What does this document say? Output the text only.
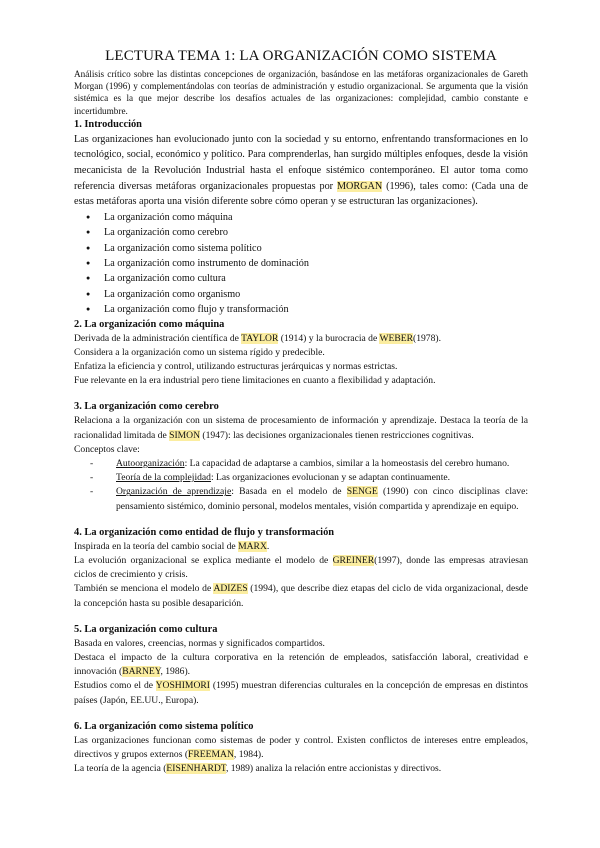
LECTURA TEMA 1: LA ORGANIZACIÓN COMO SISTEMA

Análisis crítico sobre las distintas concepciones de organización, basándose en las metáforas organizacionales de Gareth Morgan (1996) y complementándolas con teorías de administración y estudio organizacional. Se argumenta que la visión sistémica es la que mejor describe los desafíos actuales de las organizaciones: complejidad, cambio constante e incertidumbre.

1. Introducción

Las organizaciones han evolucionado junto con la sociedad y su entorno, enfrentando transformaciones en lo tecnológico, social, económico y político. Para comprenderlas, han surgido múltiples enfoques, desde la visión mecanicista de la Revolución Industrial hasta el enfoque sistémico contemporáneo. El autor toma como referencia diversas metáforas organizacionales propuestas por MORGAN (1996), tales como: (Cada una de estas metáforas aporta una visión diferente sobre cómo operan y se estructuran las organizaciones).

● La organización como máquina
● La organización como cerebro
● La organización como sistema político
● La organización como instrumento de dominación
● La organización como cultura
● La organización como organismo
● La organización como flujo y transformación
2. La organización como máquina

Derivada de la administración científica de TAYLOR (1914) y la burocracia de WEBER(1978).

Considera a la organización como un sistema rígido y predecible.

Enfatiza la eficiencia y control, utilizando estructuras jerárquicas y normas estrictas.

Fue relevante en la era industrial pero tiene limitaciones en cuanto a flexibilidad y adaptación.

3. La organización como cerebro

Relaciona a la organización con un sistema de procesamiento de información y aprendizaje. Destaca la teoría de la racionalidad limitada de SIMON (1947): las decisiones organizacionales tienen restricciones cognitivas.

Conceptos clave:

- Autoorganización: La capacidad de adaptarse a cambios, similar a la homeostasis del cerebro humano.
- Teoría de la complejidad: Las organizaciones evolucionan y se adaptan continuamente.
- Organización de aprendizaje: Basada en el modelo de SENGE (1990) con cinco disciplinas clave: pensamiento sistémico, dominio personal, modelos mentales, visión compartida y aprendizaje en equipo.
4. La organización como entidad de flujo y transformación

Inspirada en la teoría del cambio social de MARX.

La evolución organizacional se explica mediante el modelo de GREINER(1997), donde las empresas atraviesan ciclos de crecimiento y crisis.

También se menciona el modelo de ADIZES (1994), que describe diez etapas del ciclo de vida organizacional, desde la concepción hasta su posible desaparición.

5. La organización como cultura

Basada en valores, creencias, normas y significados compartidos.

Destaca el impacto de la cultura corporativa en la retención de empleados, satisfacción laboral, creatividad e innovación (BARNEY, 1986).

Estudios como el de YOSHIMORI (1995) muestran diferencias culturales en la concepción de empresas en distintos países (Japón, EE.UU., Europa).

6. La organización como sistema político

Las organizaciones funcionan como sistemas de poder y control. Existen conflictos de intereses entre empleados, directivos y grupos externos (FREEMAN, 1984).

La teoría de la agencia (EISENHARDT, 1989) analiza la relación entre accionistas y directivos.
